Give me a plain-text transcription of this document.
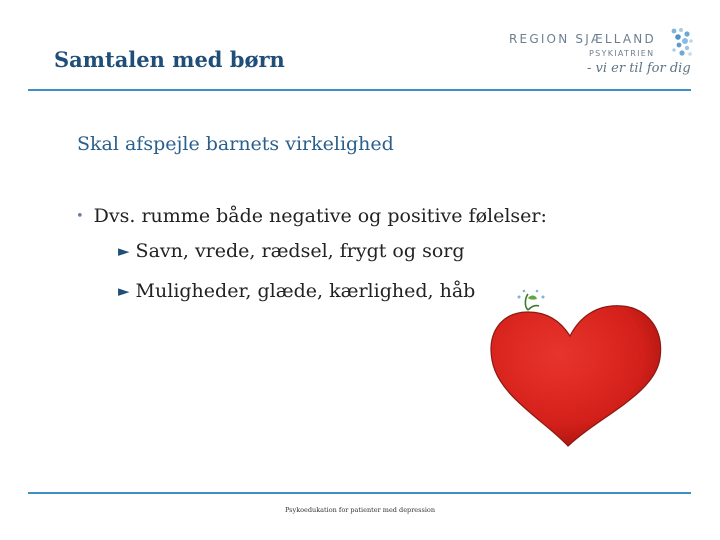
Samtalen med børn
REGION SJÆLLAND
PSYKIATRIEN
- vi er til for dig
Skal afspejle barnets virkelighed
• Dvs. rumme både negative og positive følelser:
► Savn, vrede, rædsel, frygt og sorg
► Muligheder, glæde, kærlighed, håb
Psykoedukation for patienter med depression
